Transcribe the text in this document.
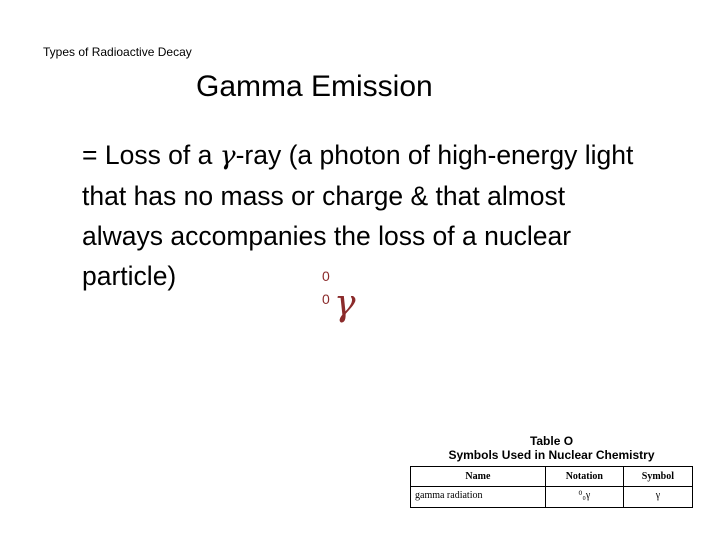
Types of Radioactive Decay
Gamma Emission
= Loss of a γ-ray (a photon of high-energy light that has no mass or charge & that almost always accompanies the loss of a nuclear particle)	0
0 γ
Table O
Symbols Used in Nuclear Chemistry
Name	Notation	Symbol
gamma radiation	⁰₀γ	γ
